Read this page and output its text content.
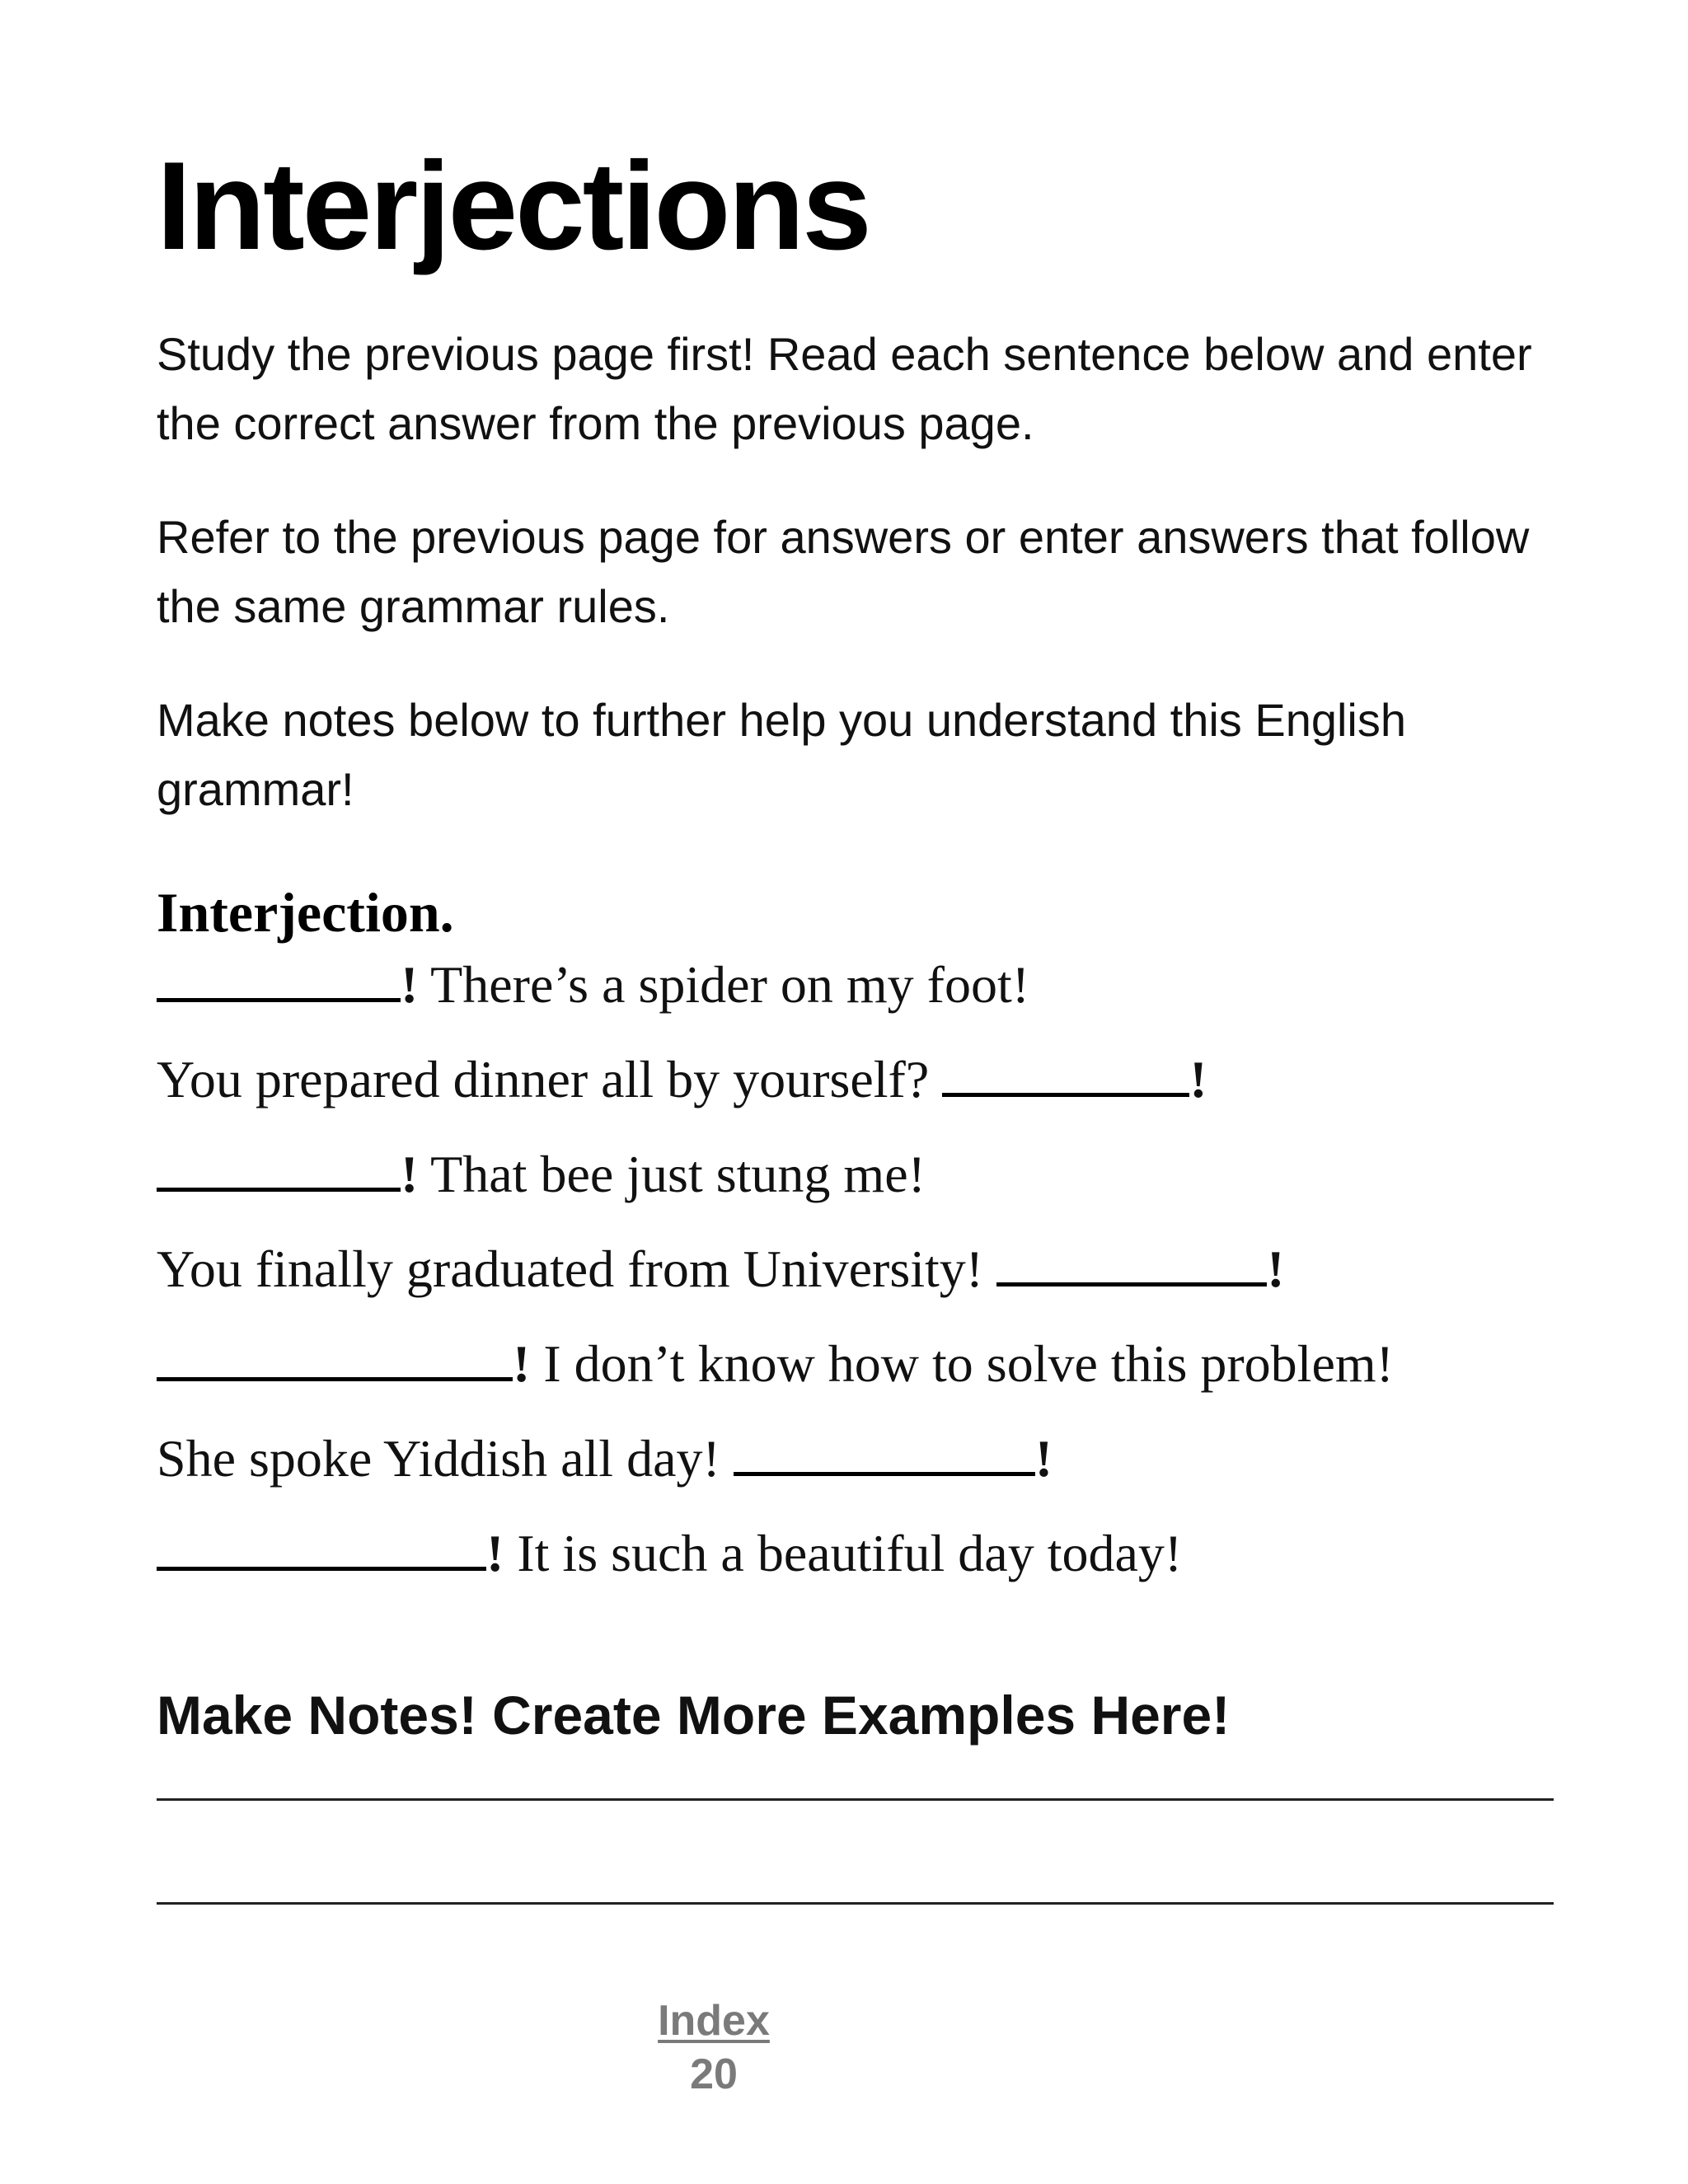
Interjections

Study the previous page first! Read each sentence below and enter the correct answer from the previous page.

Refer to the previous page for answers or enter answers that follow the same grammar rules.

Make notes below to further help you understand this English grammar!

Interjection.

! There’s a spider on my foot!

You prepared dinner all by yourself?	!

! That bee just stung me!

You finally graduated from University!	!

! I don’t know how to solve this problem!

She spoke Yiddish all day!	!

! It is such a beautiful day today!

Make Notes! Create More Examples Here!
Index
20
